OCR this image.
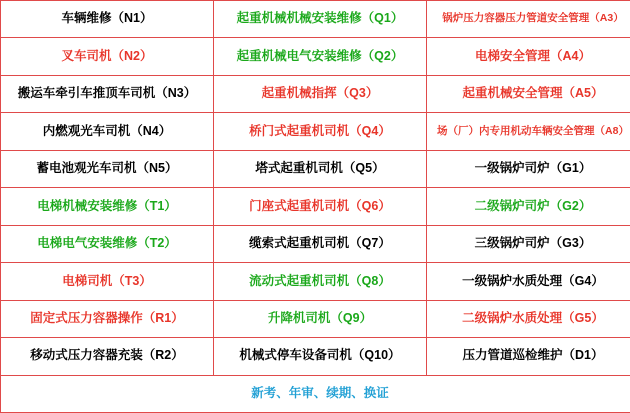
车辆维修（N1）	起重机械机械安装维修（Q1）	锅炉压力容器压力管道安全管理（A3）
叉车司机（N2）	起重机械电气安装维修（Q2）	电梯安全管理（A4）
搬运车牵引车推顶车司机（N3）	起重机械指挥（Q3）	起重机械安全管理（A5）
内燃观光车司机（N4）	桥门式起重机司机（Q4）	场（厂）内专用机动车辆安全管理（A8）
蓄电池观光车司机（N5）	塔式起重机司机（Q5）	一级锅炉司炉（G1）
电梯机械安装维修（T1）	门座式起重机司机（Q6）	二级锅炉司炉（G2）
电梯电气安装维修（T2）	缆索式起重机司机（Q7）	三级锅炉司炉（G3）
电梯司机（T3）	流动式起重机司机（Q8）	一级锅炉水质处理（G4）
固定式压力容器操作（R1）	升降机司机（Q9）	二级锅炉水质处理（G5）
移动式压力容器充装（R2）	机械式停车设备司机（Q10）	压力管道巡检维护（D1）
新考、年审、续期、换证		
